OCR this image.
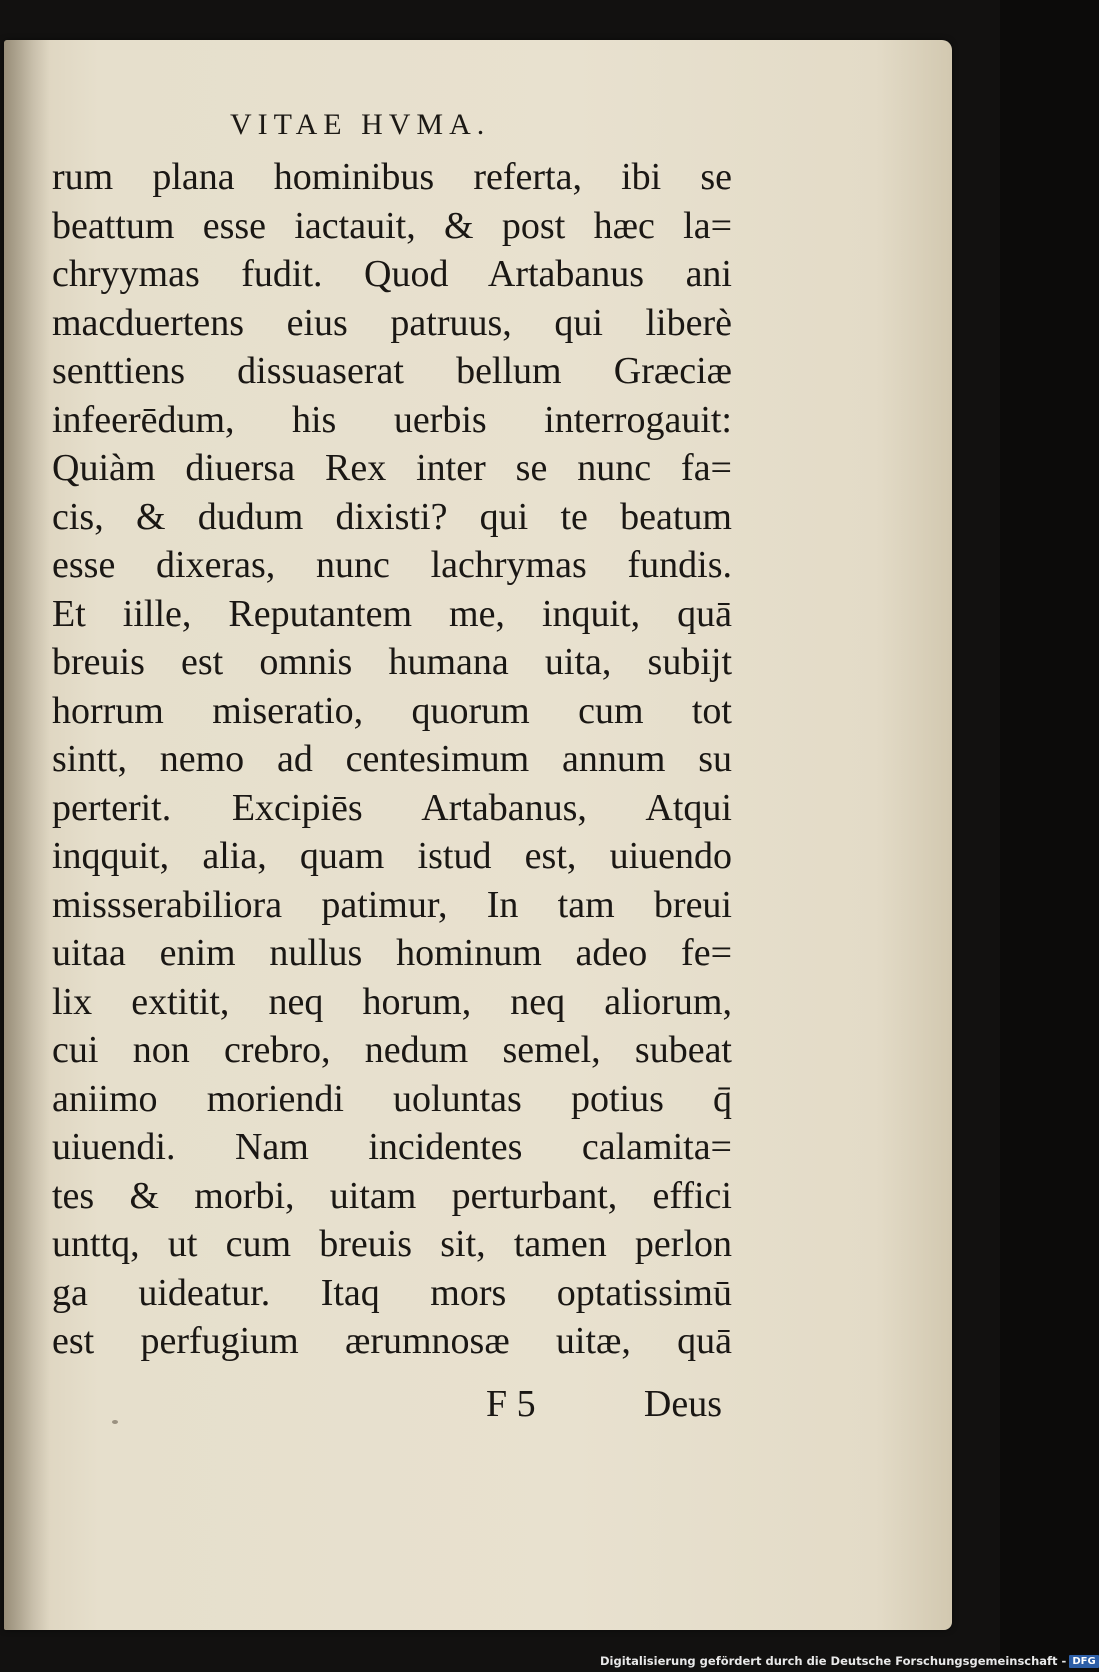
VITAE HVMA.
rum plana hominibus referta, ibi se
beattum esse iactauit, & post hæc la=
chryymas fudit. Quod Artabanus ani
macduertens eius patruus, qui liberè
senttiens dissuaserat bellum Græciæ
infeerēdum, his uerbis interrogauit:
Quiàm diuersa Rex inter se nunc fa=
cis, & dudum dixisti? qui te beatum
esse dixeras, nunc lachrymas fundis.
Et iille, Reputantem me, inquit, quā
breuis est omnis humana uita, subijt
horrum miseratio, quorum cum tot
sintt, nemo ad centesimum annum su
perterit. Excipiēs Artabanus, Atqui
inqquit, alia, quam istud est, uiuendo
missserabiliora patimur, In tam breui
uitaa enim nullus hominum adeo fe=
lix extitit, neq horum, neq aliorum,
cui non crebro, nedum semel, subeat
aniimo moriendi uoluntas potius q̄
uiuendi. Nam incidentes calamita=
tes & morbi, uitam perturbant, effici
unttq, ut cum breuis sit, tamen perlon
ga uideatur. Itaq mors optatissimū
est perfugium ærumnosæ uitæ, quā
F 5	Deus
Digitalisierung gefördert durch die Deutsche Forschungsgemeinschaft - DFG
